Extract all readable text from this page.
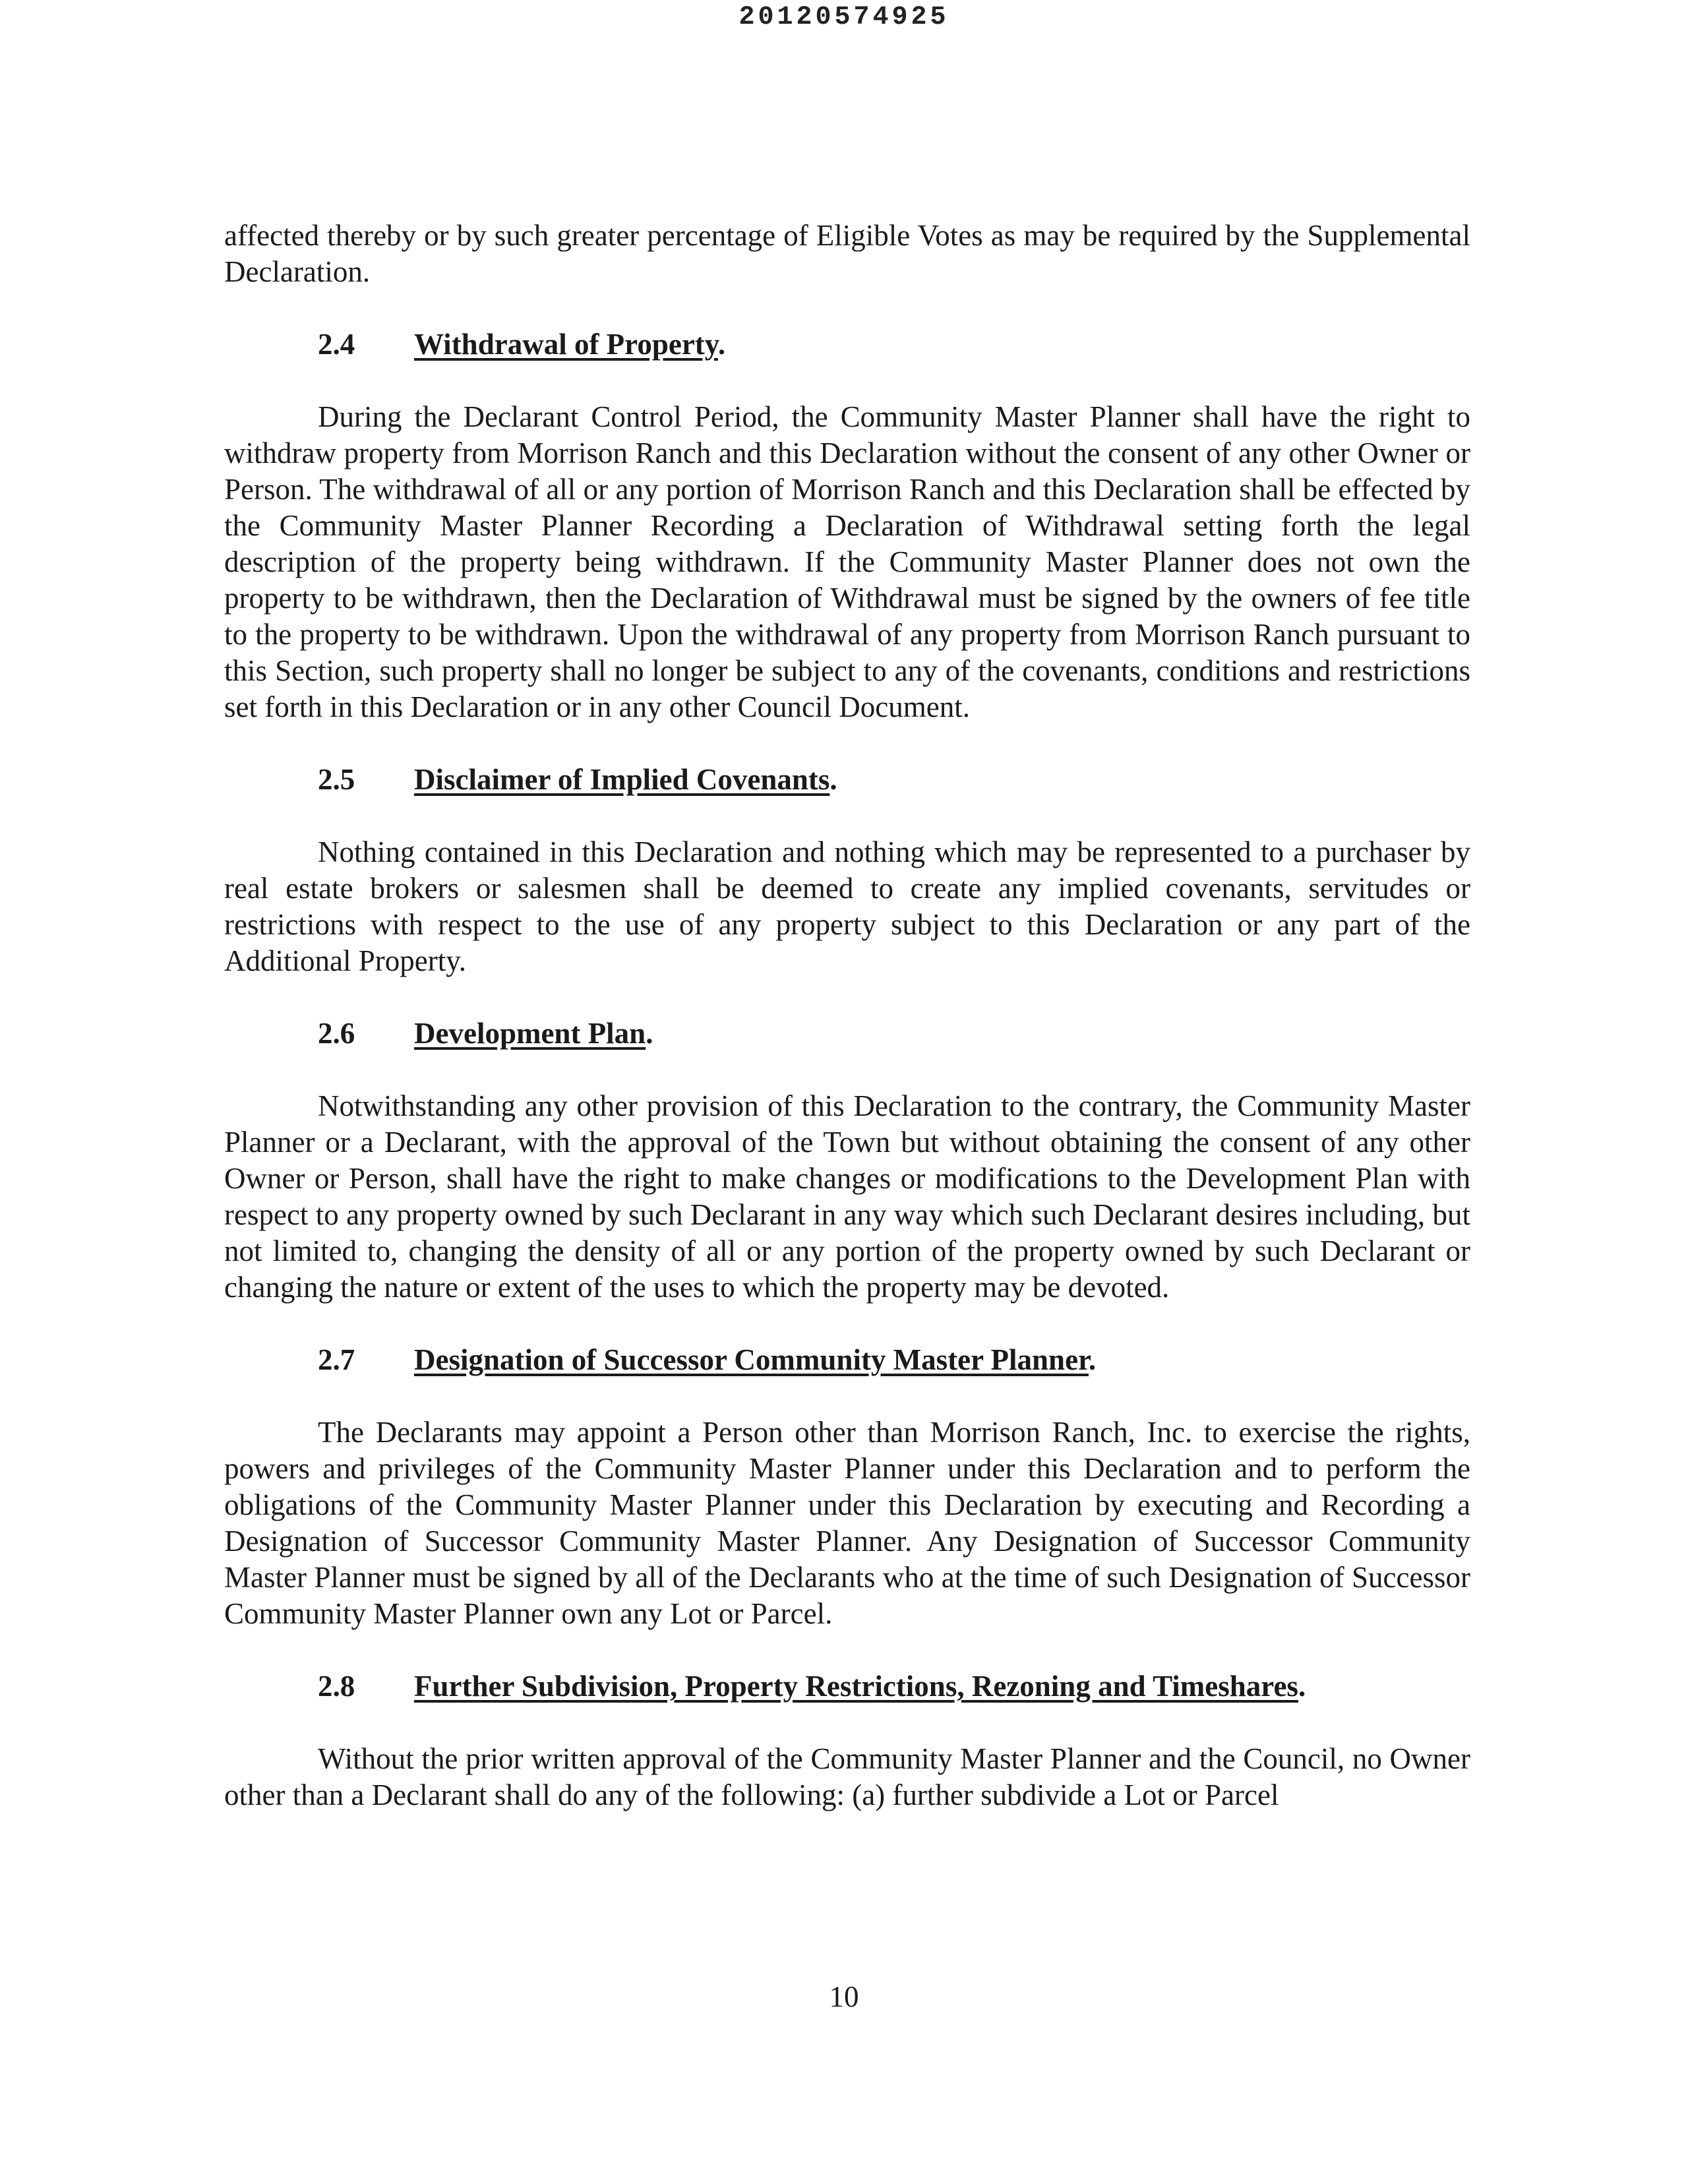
20120574925

affected thereby or by such greater percentage of Eligible Votes as may be required by the Supplemental Declaration.

2.4 Withdrawal of Property.

During the Declarant Control Period, the Community Master Planner shall have the right to withdraw property from Morrison Ranch and this Declaration without the consent of any other Owner or Person. The withdrawal of all or any portion of Morrison Ranch and this Declaration shall be effected by the Community Master Planner Recording a Declaration of Withdrawal setting forth the legal description of the property being withdrawn. If the Community Master Planner does not own the property to be withdrawn, then the Declaration of Withdrawal must be signed by the owners of fee title to the property to be withdrawn. Upon the withdrawal of any property from Morrison Ranch pursuant to this Section, such property shall no longer be subject to any of the covenants, conditions and restrictions set forth in this Declaration or in any other Council Document.

2.5 Disclaimer of Implied Covenants.

Nothing contained in this Declaration and nothing which may be represented to a purchaser by real estate brokers or salesmen shall be deemed to create any implied covenants, servitudes or restrictions with respect to the use of any property subject to this Declaration or any part of the Additional Property.

2.6 Development Plan.

Notwithstanding any other provision of this Declaration to the contrary, the Community Master Planner or a Declarant, with the approval of the Town but without obtaining the consent of any other Owner or Person, shall have the right to make changes or modifications to the Development Plan with respect to any property owned by such Declarant in any way which such Declarant desires including, but not limited to, changing the density of all or any portion of the property owned by such Declarant or changing the nature or extent of the uses to which the property may be devoted.

2.7 Designation of Successor Community Master Planner.

The Declarants may appoint a Person other than Morrison Ranch, Inc. to exercise the rights, powers and privileges of the Community Master Planner under this Declaration and to perform the obligations of the Community Master Planner under this Declaration by executing and Recording a Designation of Successor Community Master Planner. Any Designation of Successor Community Master Planner must be signed by all of the Declarants who at the time of such Designation of Successor Community Master Planner own any Lot or Parcel.

2.8 Further Subdivision, Property Restrictions, Rezoning and Timeshares.

Without the prior written approval of the Community Master Planner and the Council, no Owner other than a Declarant shall do any of the following: (a) further subdivide a Lot or Parcel

10
